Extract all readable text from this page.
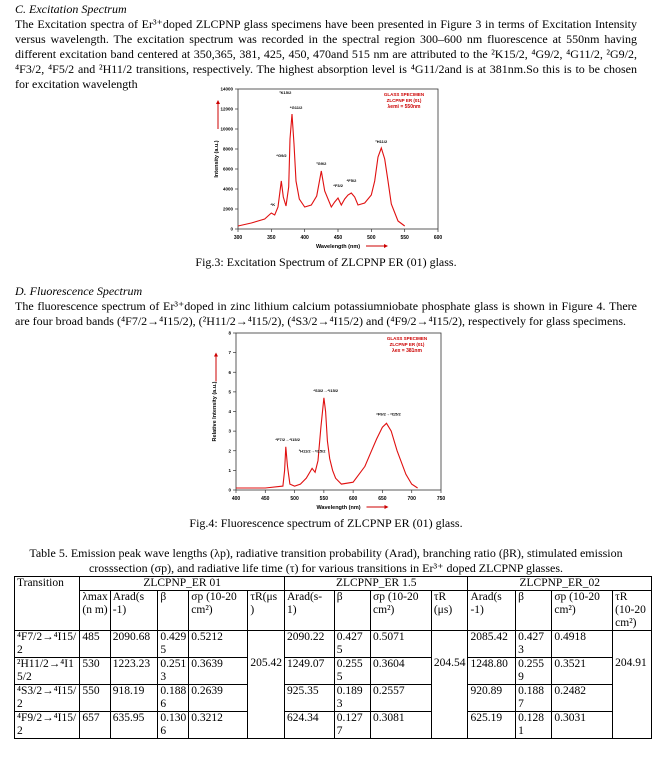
C. Excitation Spectrum
The Excitation spectra of Er³⁺doped ZLCPNP glass specimens have been presented in Figure 3 in terms of Excitation Intensity versus wavelength. The excitation spectrum was recorded in the spectral region 300–600 nm fluorescence at 550nm having different excitation band centered at 350,365, 381, 425, 450, 470and 515 nm are attributed to the ²K15/2, ⁴G9/2, ⁴G11/2, ²G9/2, ⁴F3/2, ⁴F5/2 and ²H11/2 transitions, respectively. The highest absorption level is ⁴G11/2and is at 381nm.So this is to be chosen for excitation wavelength
300	350	400	450	500	550	600
0
2000
4000
6000
8000
10000
12000
14000
Wavelength (nm)
Intensity (a.u.)
GLASS SPECIMEN
ZLCPNP ER (01)
λemi = 550nm
²K15/2
⁴G9/2
⁴G11/2
²G9/2
⁴F3/2
⁴F5/2
²H11/2
⁴K
Fig.3: Excitation Spectrum of ZLCPNP ER (01) glass.
D. Fluorescence Spectrum
The fluorescence spectrum of Er³⁺doped in zinc lithium calcium potassiumniobate phosphate glass is shown in Figure 4. There are four broad bands (⁴F7/2→⁴I15/2), (²H11/2→⁴I15/2), (⁴S3/2→⁴I15/2) and (⁴F9/2→⁴I15/2), respectively for glass specimens.
400	450	500	550	600	650	700	750
0
1
2
3
4
5
6
7
8
Wavelength (nm)
Relative Intensity (a.u.)
GLASS SPECIMEN
ZLCPNP ER (01)
λex = 381nm
⁴F7/2→⁴I15/2
²H11/2→⁴I15/2
⁴S3/2→⁴I15/2
⁴F9/2→⁴I15/2
Fig.4: Fluorescence spectrum of ZLCPNP ER (01) glass.
Table 5. Emission peak wave lengths (λp), radiative transition probability (Arad), branching ratio (βR), stimulated emission
crosssection (σp), and radiative life time (τ) for various transitions in Er³⁺ doped ZLCPNP glasses.
Transition	ZLCPNP_ER 01					ZLCPNP_ER 1.5				ZLCPNP_ER_02			
	λmax (n m)	Arad(s -1)	β	σp (10-20 cm²)	τR(μs )	Arad(s- 1)	β	σp (10-20 cm²)	τR (μs)	Arad(s -1)	β	σp (10-20 cm²)	τR (10-20 cm²)
⁴F7/2→⁴I15/2	485	2090.68	0.4295	0.5212	205.42	2090.22	0.4275	0.5071	204.54	2085.42	0.4273	0.4918	204.91
²H11/2→⁴I15/2	530	1223.23	0.2513	0.3639		1249.07	0.2555	0.3604		1248.80	0.2559	0.3521	
⁴S3/2→⁴I15/2	550	918.19	0.1886	0.2639		925.35	0.1893	0.2557		920.89	0.1887	0.2482	
⁴F9/2→⁴I15/2	657	635.95	0.1306	0.3212		624.34	0.1277	0.3081		625.19	0.1281	0.3031	
